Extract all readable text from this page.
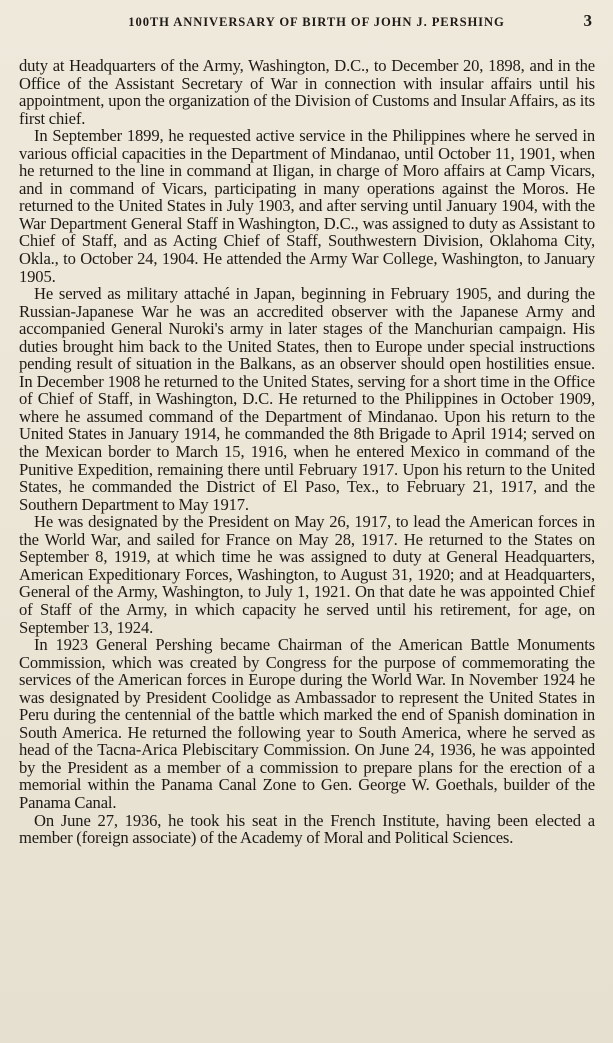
100TH ANNIVERSARY OF BIRTH OF JOHN J. PERSHING	3

duty at Headquarters of the Army, Washington, D.C., to December 20, 1898, and in the Office of the Assistant Secretary of War in connection with insular affairs until his appointment, upon the organization of the Division of Customs and Insular Affairs, as its first chief.

In September 1899, he requested active service in the Philippines where he served in various official capacities in the Department of Mindanao, until October 11, 1901, when he returned to the line in command at Iligan, in charge of Moro affairs at Camp Vicars, and in command of Vicars, participating in many operations against the Moros. He returned to the United States in July 1903, and after serving until January 1904, with the War Department General Staff in Washington, D.C., was assigned to duty as Assistant to Chief of Staff, and as Acting Chief of Staff, Southwestern Division, Oklahoma City, Okla., to October 24, 1904. He attended the Army War College, Washington, to January 1905.

He served as military attaché in Japan, beginning in February 1905, and during the Russian-Japanese War he was an accredited observer with the Japanese Army and accompanied General Nuroki's army in later stages of the Manchurian campaign. His duties brought him back to the United States, then to Europe under special instructions pending result of situation in the Balkans, as an observer should open hostilities ensue. In December 1908 he returned to the United States, serving for a short time in the Office of Chief of Staff, in Washington, D.C. He returned to the Philippines in October 1909, where he assumed command of the Department of Mindanao. Upon his return to the United States in January 1914, he commanded the 8th Brigade to April 1914; served on the Mexican border to March 15, 1916, when he entered Mexico in command of the Punitive Expedition, remaining there until February 1917. Upon his return to the United States, he commanded the District of El Paso, Tex., to February 21, 1917, and the Southern Department to May 1917.

He was designated by the President on May 26, 1917, to lead the American forces in the World War, and sailed for France on May 28, 1917. He returned to the States on September 8, 1919, at which time he was assigned to duty at General Headquarters, American Expeditionary Forces, Washington, to August 31, 1920; and at Headquarters, General of the Army, Washington, to July 1, 1921. On that date he was appointed Chief of Staff of the Army, in which capacity he served until his retirement, for age, on September 13, 1924.

In 1923 General Pershing became Chairman of the American Battle Monuments Commission, which was created by Congress for the purpose of commemorating the services of the American forces in Europe during the World War. In November 1924 he was designated by President Coolidge as Ambassador to represent the United States in Peru during the centennial of the battle which marked the end of Spanish domination in South America. He returned the following year to South America, where he served as head of the Tacna-Arica Plebiscitary Commission. On June 24, 1936, he was appointed by the President as a member of a commission to prepare plans for the erection of a memorial within the Panama Canal Zone to Gen. George W. Goethals, builder of the Panama Canal.

On June 27, 1936, he took his seat in the French Institute, having been elected a member (foreign associate) of the Academy of Moral and Political Sciences.
